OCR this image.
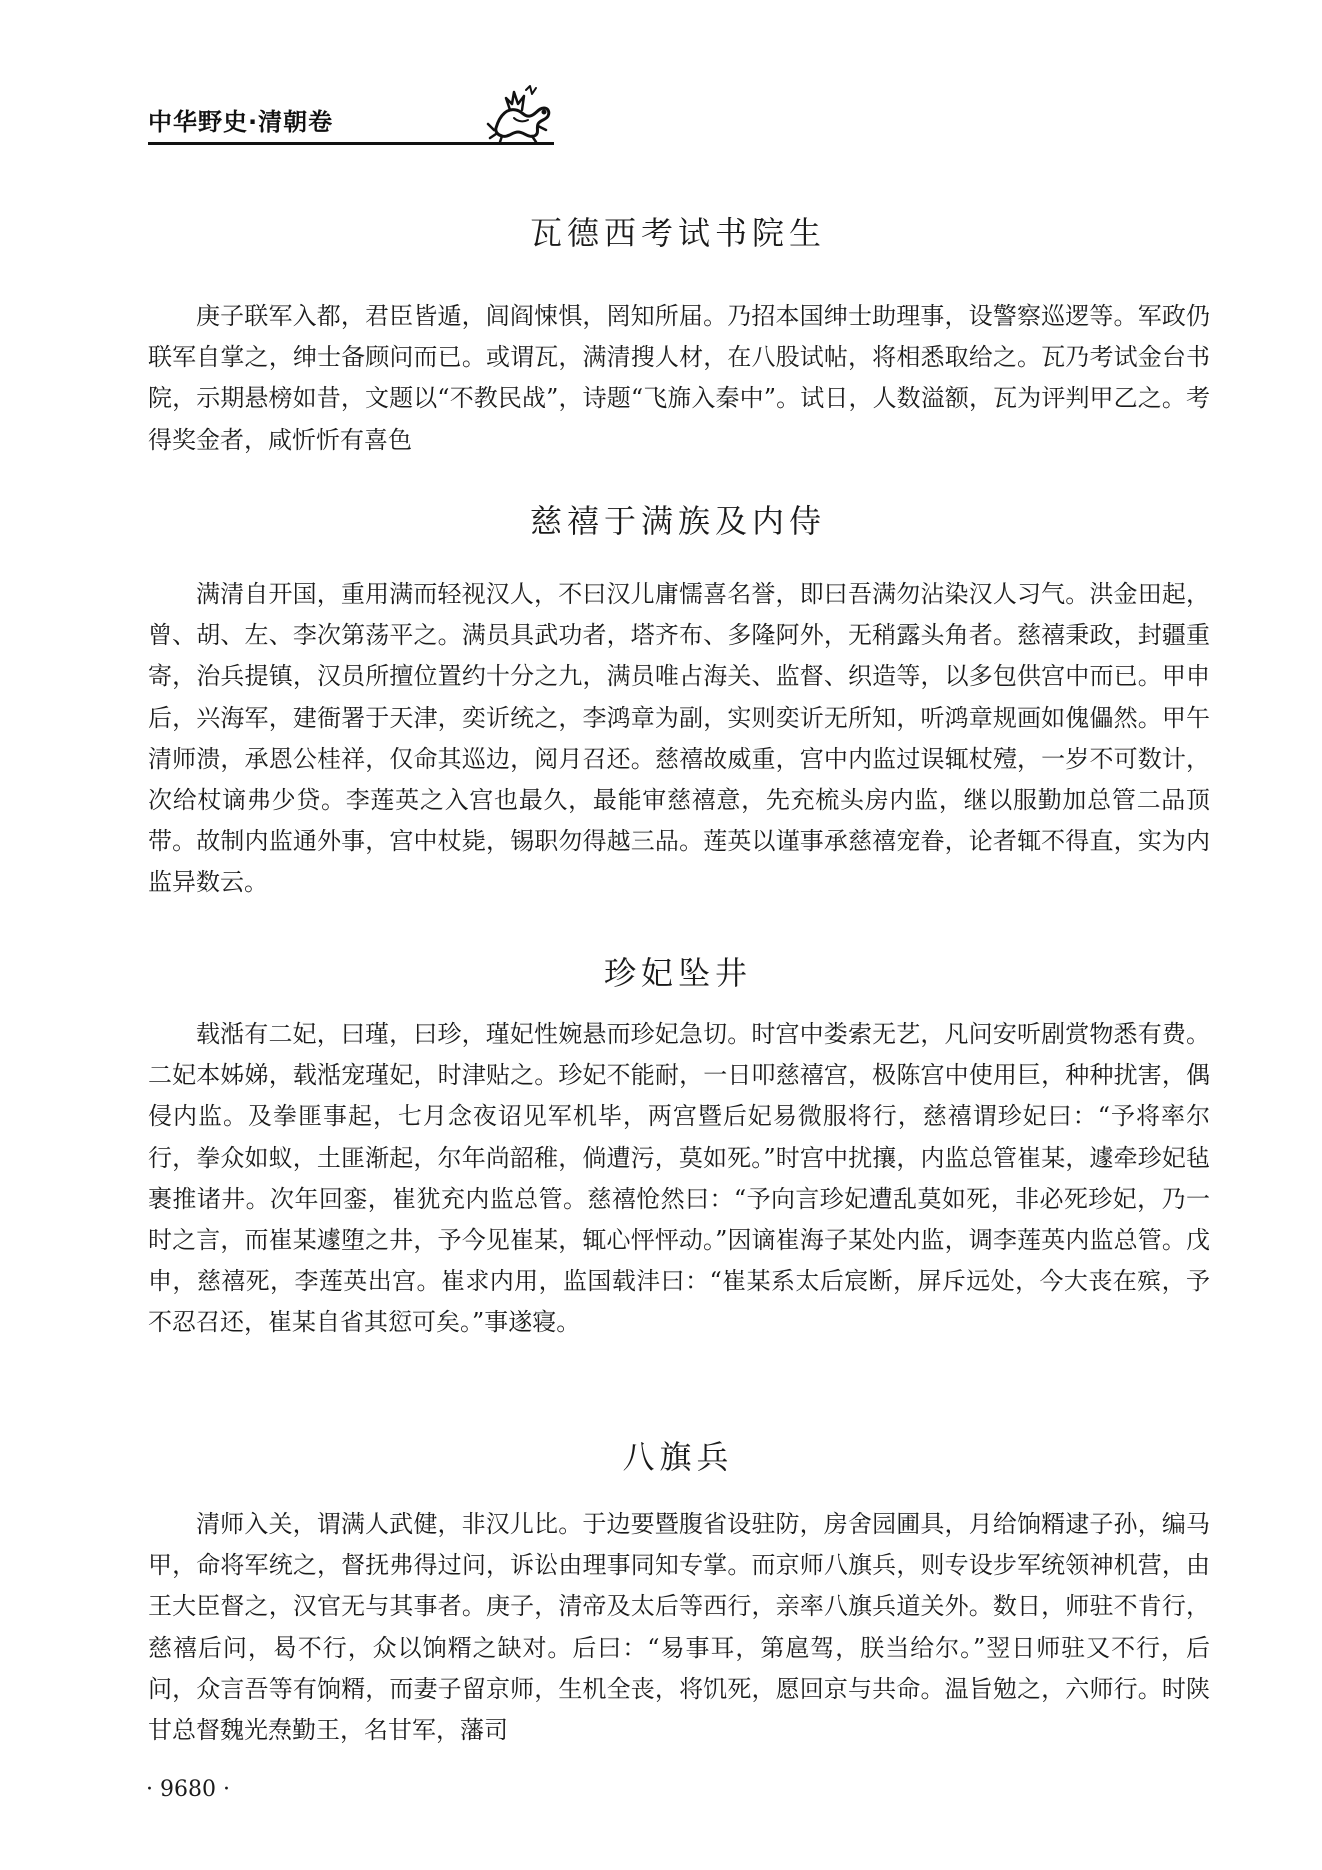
中华野史·清朝卷
瓦德西考试书院生

庚子联军入都，君臣皆遁，闾阎悚惧，罔知所届。乃招本国绅士助理事，设警察巡逻等。军政仍联军自掌之，绅士备顾问而已。或谓瓦，满清搜人材，在八股试帖，将相悉取给之。瓦乃考试金台书院，示期悬榜如昔，文题以“不教民战”，诗题“飞旆入秦中”。试日，人数溢额，瓦为评判甲乙之。考得奖金者，咸忻忻有喜色

慈禧于满族及内侍

满清自开国，重用满而轻视汉人，不曰汉儿庸懦喜名誉，即曰吾满勿沾染汉人习气。洪金田起，曾、胡、左、李次第荡平之。满员具武功者，塔齐布、多隆阿外，无稍露头角者。慈禧秉政，封疆重寄，治兵提镇，汉员所擅位置约十分之九，满员唯占海关、监督、织造等，以多包供宫中而已。甲申后，兴海军，建衙署于天津，奕䜣统之，李鸿章为副，实则奕䜣无所知，听鸿章规画如傀儡然。甲午清师溃，承恩公桂祥，仅命其巡边，阅月召还。慈禧故威重，宫中内监过误辄杖殪，一岁不可数计，次给杖谪弗少贷。李莲英之入宫也最久，最能审慈禧意，先充梳头房内监，继以服勤加总管二品顶带。故制内监通外事，宫中杖毙，锡职勿得越三品。莲英以谨事承慈禧宠眷，论者辄不得直，实为内监异数云。

珍妃坠井

载湉有二妃，曰瑾，曰珍，瑾妃性婉悬而珍妃急切。时宫中娄索无艺，凡问安听剧赏物悉有费。二妃本姊娣，载湉宠瑾妃，时津贴之。珍妃不能耐，一日叩慈禧宫，极陈宫中使用巨，种种扰害，偶侵内监。及拳匪事起，七月念夜诏见军机毕，两宫暨后妃易微服将行，慈禧谓珍妃曰：“予将率尔行，拳众如蚁，土匪渐起，尔年尚韶稚，倘遭污，莫如死。”时宫中扰攘，内监总管崔某，遽牵珍妃毡裹推诸井。次年回銮，崔犹充内监总管。慈禧怆然曰：“予向言珍妃遭乱莫如死，非必死珍妃，乃一时之言，而崔某遽堕之井，予今见崔某，辄心怦怦动。”因谪崔海子某处内监，调李莲英内监总管。戊申，慈禧死，李莲英出宫。崔求内用，监国载沣曰：“崔某系太后宸断，屏斥远处，今大丧在殡，予不忍召还，崔某自省其愆可矣。”事遂寝。

八旗兵

清师入关，谓满人武健，非汉儿比。于边要暨腹省设驻防，房舍园圃具，月给饷糈逮子孙，编马甲，命将军统之，督抚弗得过问，诉讼由理事同知专掌。而京师八旗兵，则专设步军统领神机营，由王大臣督之，汉官无与其事者。庚子，清帝及太后等西行，亲率八旗兵道关外。数日，师驻不肯行，慈禧后问，曷不行，众以饷糈之缺对。后曰：“易事耳，第扈驾，朕当给尔。”翌日师驻又不行，后问，众言吾等有饷糈，而妻子留京师，生机全丧，将饥死，愿回京与共命。温旨勉之，六师行。时陕甘总督魏光焘勤王，名甘军，藩司

· 9680 ·
